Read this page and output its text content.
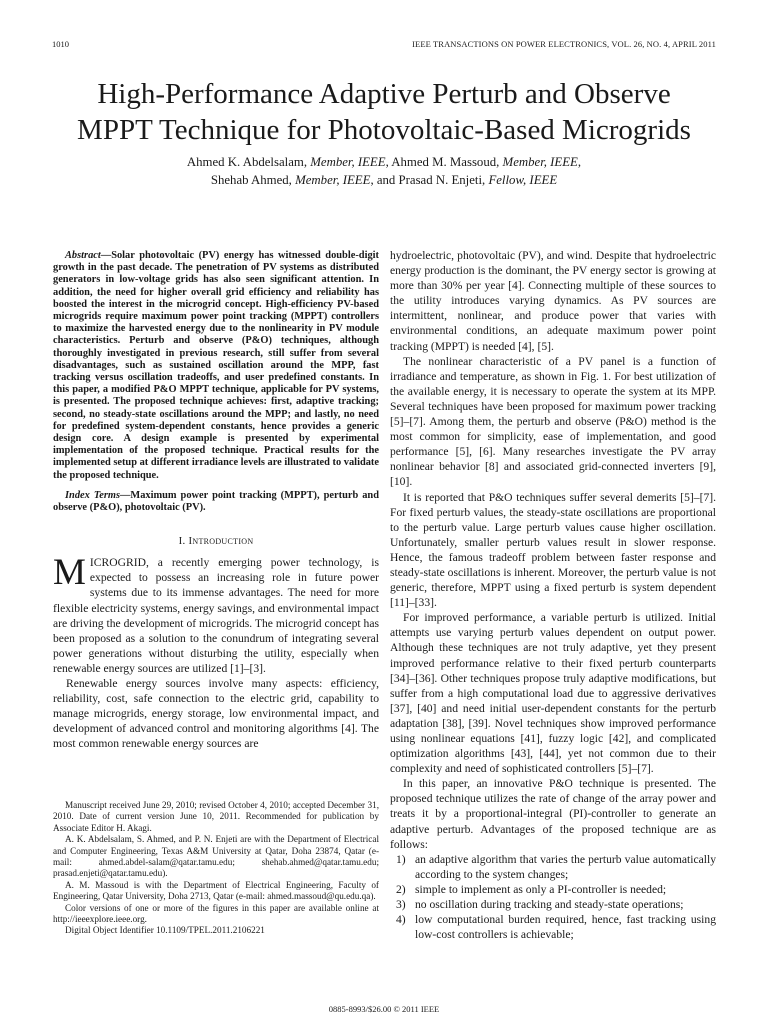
1010	IEEE TRANSACTIONS ON POWER ELECTRONICS, VOL. 26, NO. 4, APRIL 2011
High-Performance Adaptive Perturb and Observe
MPPT Technique for Photovoltaic-Based Microgrids
Ahmed K. Abdelsalam, Member, IEEE, Ahmed M. Massoud, Member, IEEE,
Shehab Ahmed, Member, IEEE, and Prasad N. Enjeti, Fellow, IEEE

Abstract—Solar photovoltaic (PV) energy has witnessed double-digit growth in the past decade. The penetration of PV systems as distributed generators in low-voltage grids has also seen significant attention. In addition, the need for higher overall grid efficiency and reliability has boosted the interest in the microgrid concept. High-efficiency PV-based microgrids require maximum power point tracking (MPPT) controllers to maximize the harvested energy due to the nonlinearity in PV module characteristics. Perturb and observe (P&O) techniques, although thoroughly investigated in previous research, still suffer from several disadvantages, such as sustained oscillation around the MPP, fast tracking versus oscillation tradeoffs, and user predefined constants. In this paper, a modified P&O MPPT technique, applicable for PV systems, is presented. The proposed technique achieves: first, adaptive tracking; second, no steady-state oscillations around the MPP; and lastly, no need for predefined system-dependent constants, hence provides a generic design core. A design example is presented by experimental implementation of the proposed technique. Practical results for the implemented setup at different irradiance levels are illustrated to validate the proposed technique.

Index Terms—Maximum power point tracking (MPPT), perturb and observe (P&O), photovoltaic (PV).

I. Introduction

MICROGRID, a recently emerging power technology, is expected to possess an increasing role in future power systems due to its immense advantages. The need for more flexible electricity systems, energy savings, and environmental impact are driving the development of microgrids. The microgrid concept has been proposed as a solution to the conundrum of integrating several power generations without disturbing the utility, especially when renewable energy sources are utilized [1]–[3].

Renewable energy sources involve many aspects: efficiency, reliability, cost, safe connection to the electric grid, capability to manage microgrids, energy storage, low environmental impact, and development of advanced control and monitoring algorithms [4]. The most common renewable energy sources are

Manuscript received June 29, 2010; revised October 4, 2010; accepted December 31, 2010. Date of current version June 10, 2011. Recommended for publication by Associate Editor H. Akagi.

A. K. Abdelsalam, S. Ahmed, and P. N. Enjeti are with the Department of Electrical and Computer Engineering, Texas A&M University at Qatar, Doha 23874, Qatar (e-mail: ahmed.abdel-salam@qatar.tamu.edu; shehab.ahmed@qatar.tamu.edu; prasad.enjeti@qatar.tamu.edu).

A. M. Massoud is with the Department of Electrical Engineering, Faculty of Engineering, Qatar University, Doha 2713, Qatar (e-mail: ahmed.massoud@qu.edu.qa).

Color versions of one or more of the figures in this paper are available online at http://ieeexplore.ieee.org.

Digital Object Identifier 10.1109/TPEL.2011.2106221

hydroelectric, photovoltaic (PV), and wind. Despite that hydroelectric energy production is the dominant, the PV energy sector is growing at more than 30% per year [4]. Connecting multiple of these sources to the utility introduces varying dynamics. As PV sources are intermittent, nonlinear, and produce power that varies with environmental conditions, an adequate maximum power point tracking (MPPT) is needed [4], [5].

The nonlinear characteristic of a PV panel is a function of irradiance and temperature, as shown in Fig. 1. For best utilization of the available energy, it is necessary to operate the system at its MPP. Several techniques have been proposed for maximum power tracking [5]–[7]. Among them, the perturb and observe (P&O) method is the most common for simplicity, ease of implementation, and good performance [5], [6]. Many researches investigate the PV array nonlinear behavior [8] and associated grid-connected inverters [9], [10].

It is reported that P&O techniques suffer several demerits [5]–[7]. For fixed perturb values, the steady-state oscillations are proportional to the perturb value. Large perturb values cause higher oscillation. Unfortunately, smaller perturb values result in slower response. Hence, the famous tradeoff problem between faster response and steady-state oscillations is inherent. Moreover, the perturb value is not generic, therefore, MPPT using a fixed perturb is system dependent [11]–[33].

For improved performance, a variable perturb is utilized. Initial attempts use varying perturb values dependent on output power. Although these techniques are not truly adaptive, yet they present improved performance relative to their fixed perturb counterparts [34]–[36]. Other techniques propose truly adaptive modifications, but suffer from a high computational load due to aggressive derivatives [37], [40] and need initial user-dependent constants for the perturb adaptation [38], [39]. Novel techniques show improved performance using nonlinear equations [41], fuzzy logic [42], and complicated optimization algorithms [43], [44], yet not common due to their complexity and need of sophisticated controllers [5]–[7].

In this paper, an innovative P&O technique is presented. The proposed technique utilizes the rate of change of the array power and treats it by a proportional-integral (PI)-controller to generate an adaptive perturb. Advantages of the proposed technique are as follows:

1) an adaptive algorithm that varies the perturb value automatically according to the system changes;
2) simple to implement as only a PI-controller is needed;
3) no oscillation during tracking and steady-state operations;
4) low computational burden required, hence, fast tracking using low-cost controllers is achievable;
0885-8993/$26.00 © 2011 IEEE
